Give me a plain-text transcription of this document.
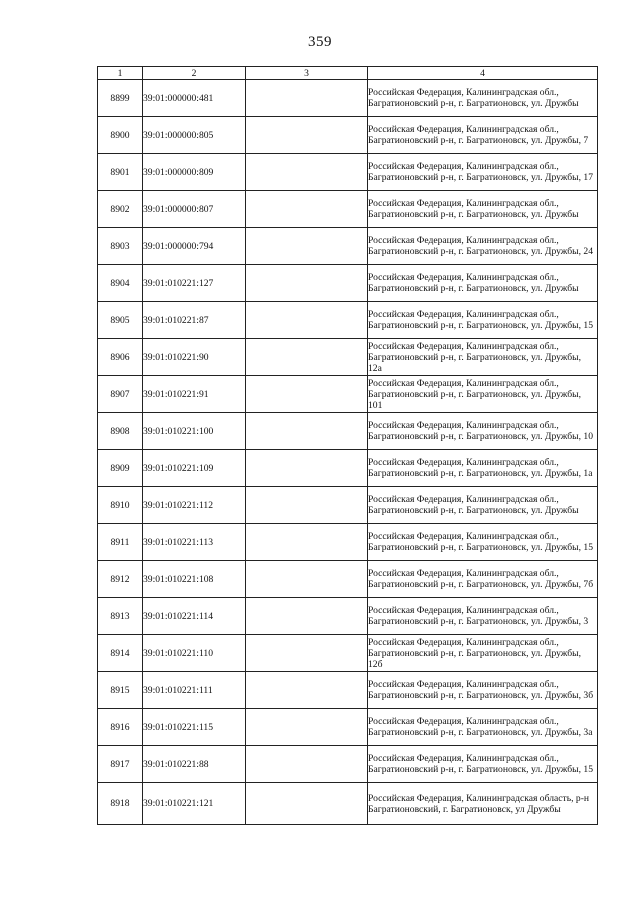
359
1	2	3	4
8899	39:01:000000:481		Российская Федерация, Калининградская обл., Багратионовский р-н, г. Багратионовск, ул. Дружбы
8900	39:01:000000:805		Российская Федерация, Калининградская обл., Багратионовский р-н, г. Багратионовск, ул. Дружбы, 7
8901	39:01:000000:809		Российская Федерация, Калининградская обл., Багратионовский р-н, г. Багратионовск, ул. Дружбы, 17
8902	39:01:000000:807		Российская Федерация, Калининградская обл., Багратионовский р-н, г. Багратионовск, ул. Дружбы
8903	39:01:000000:794		Российская Федерация, Калининградская обл., Багратионовский р-н, г. Багратионовск, ул. Дружбы, 24
8904	39:01:010221:127		Российская Федерация, Калининградская обл., Багратионовский р-н, г. Багратионовск, ул. Дружбы
8905	39:01:010221:87		Российская Федерация, Калининградская обл., Багратионовский р-н, г. Багратионовск, ул. Дружбы, 15
8906	39:01:010221:90		Российская Федерация, Калининградская обл., Багратионовский р-н, г. Багратионовск, ул. Дружбы, 12а
8907	39:01:010221:91		Российская Федерация, Калининградская обл., Багратионовский р-н, г. Багратионовск, ул. Дружбы, 101
8908	39:01:010221:100		Российская Федерация, Калининградская обл., Багратионовский р-н, г. Багратионовск, ул. Дружбы, 10
8909	39:01:010221:109		Российская Федерация, Калининградская обл., Багратионовский р-н, г. Багратионовск, ул. Дружбы, 1а
8910	39:01:010221:112		Российская Федерация, Калининградская обл., Багратионовский р-н, г. Багратионовск, ул. Дружбы
8911	39:01:010221:113		Российская Федерация, Калининградская обл., Багратионовский р-н, г. Багратионовск, ул. Дружбы, 15
8912	39:01:010221:108		Российская Федерация, Калининградская обл., Багратионовский р-н, г. Багратионовск, ул. Дружбы, 7б
8913	39:01:010221:114		Российская Федерация, Калининградская обл., Багратионовский р-н, г. Багратионовск, ул. Дружбы, 3
8914	39:01:010221:110		Российская Федерация, Калининградская обл., Багратионовский р-н, г. Багратионовск, ул. Дружбы, 12б
8915	39:01:010221:111		Российская Федерация, Калининградская обл., Багратионовский р-н, г. Багратионовск, ул. Дружбы, 3б
8916	39:01:010221:115		Российская Федерация, Калининградская обл., Багратионовский р-н, г. Багратионовск, ул. Дружбы, 3а
8917	39:01:010221:88		Российская Федерация, Калининградская обл., Багратионовский р-н, г. Багратионовск, ул. Дружбы, 15
8918	39:01:010221:121		Российская Федерация, Калининградская область, р-н Багратионовский, г. Багратионовск, ул Дружбы
